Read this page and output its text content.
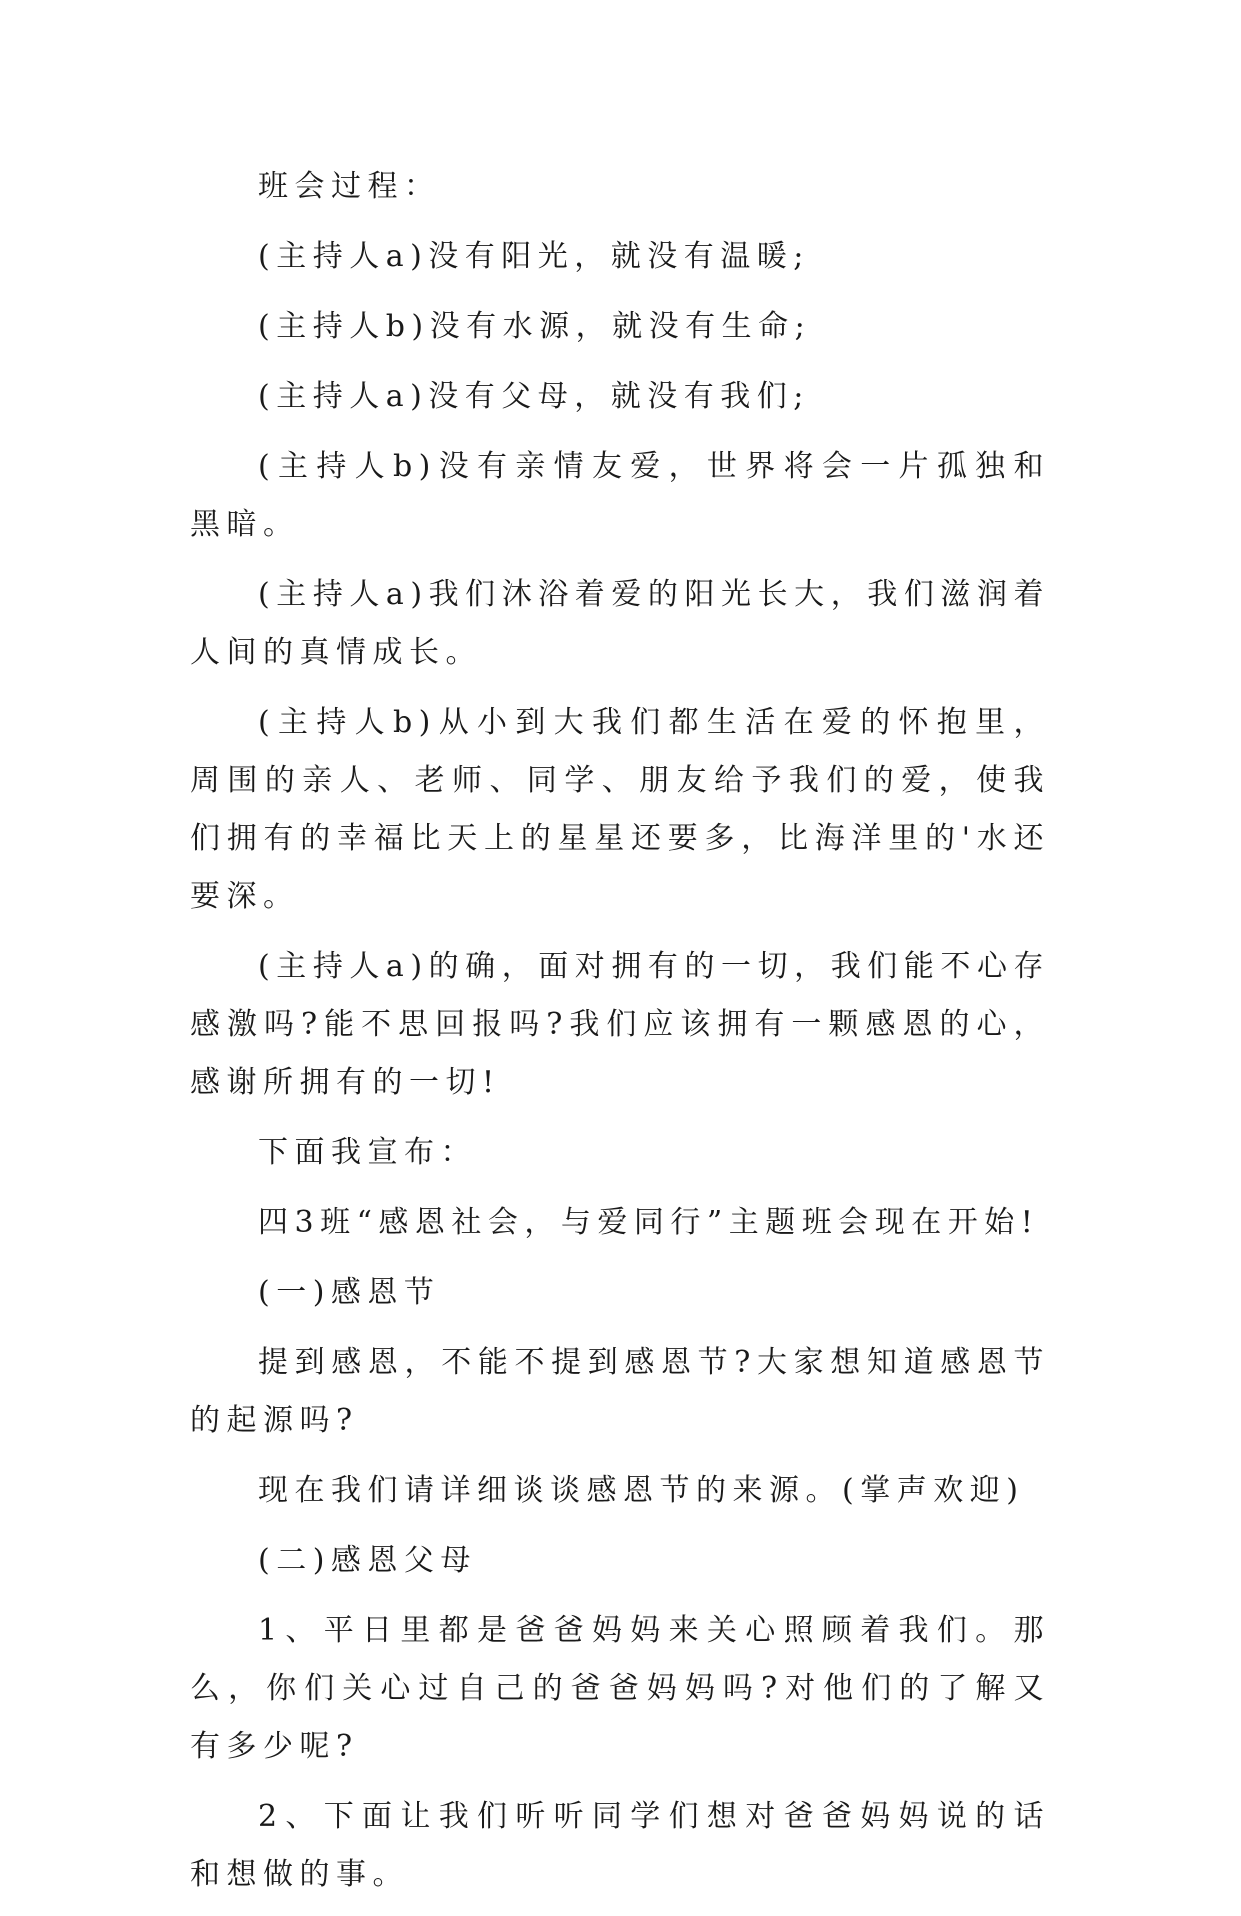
班会过程：

(主持人a)没有阳光，就没有温暖;

(主持人b)没有水源，就没有生命;

(主持人a)没有父母，就没有我们;

(主持人b)没有亲情友爱，世界将会一片孤独和黑暗。

(主持人a)我们沐浴着爱的阳光长大，我们滋润着人间的真情成长。

(主持人b)从小到大我们都生活在爱的怀抱里，周围的亲人、老师、同学、朋友给予我们的爱，使我们拥有的幸福比天上的星星还要多，比海洋里的'水还要深。

(主持人a)的确，面对拥有的一切，我们能不心存感激吗?能不思回报吗?我们应该拥有一颗感恩的心，感谢所拥有的一切!

下面我宣布：

四3班“感恩社会，与爱同行”主题班会现在开始!

(一)感恩节

提到感恩，不能不提到感恩节?大家想知道感恩节的起源吗?

现在我们请详细谈谈感恩节的来源。(掌声欢迎)

(二)感恩父母

1、平日里都是爸爸妈妈来关心照顾着我们。那么，你们关心过自己的爸爸妈妈吗?对他们的了解又有多少呢?

2、下面让我们听听同学们想对爸爸妈妈说的话和想做的事。
